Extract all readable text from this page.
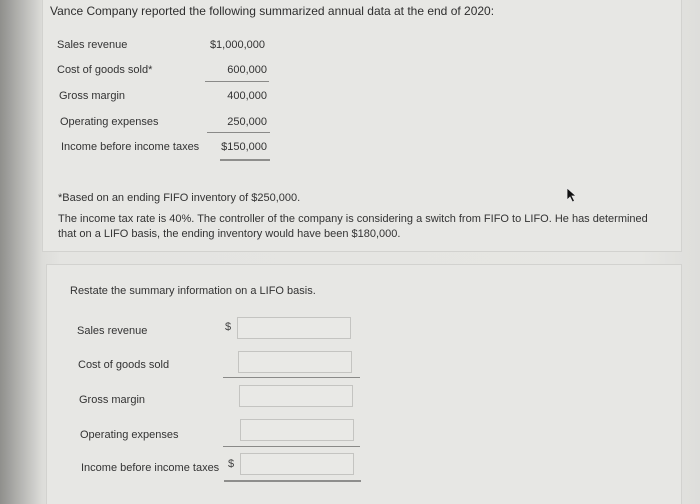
Vance Company reported the following summarized annual data at the end of 2020:
Sales revenue	$1,000,000
Cost of goods sold*	600,000
Gross margin	400,000
Operating expenses	250,000
Income before income taxes $150,000
*Based on an ending FIFO inventory of $250,000.
The income tax rate is 40%. The controller of the company is considering a switch from FIFO to LIFO. He has determined that on a LIFO basis, the ending inventory would have been $180,000.
Restate the summary information on a LIFO basis.
Sales revenue	$
Cost of goods sold
Gross margin
Operating expenses
Income before income taxes $
